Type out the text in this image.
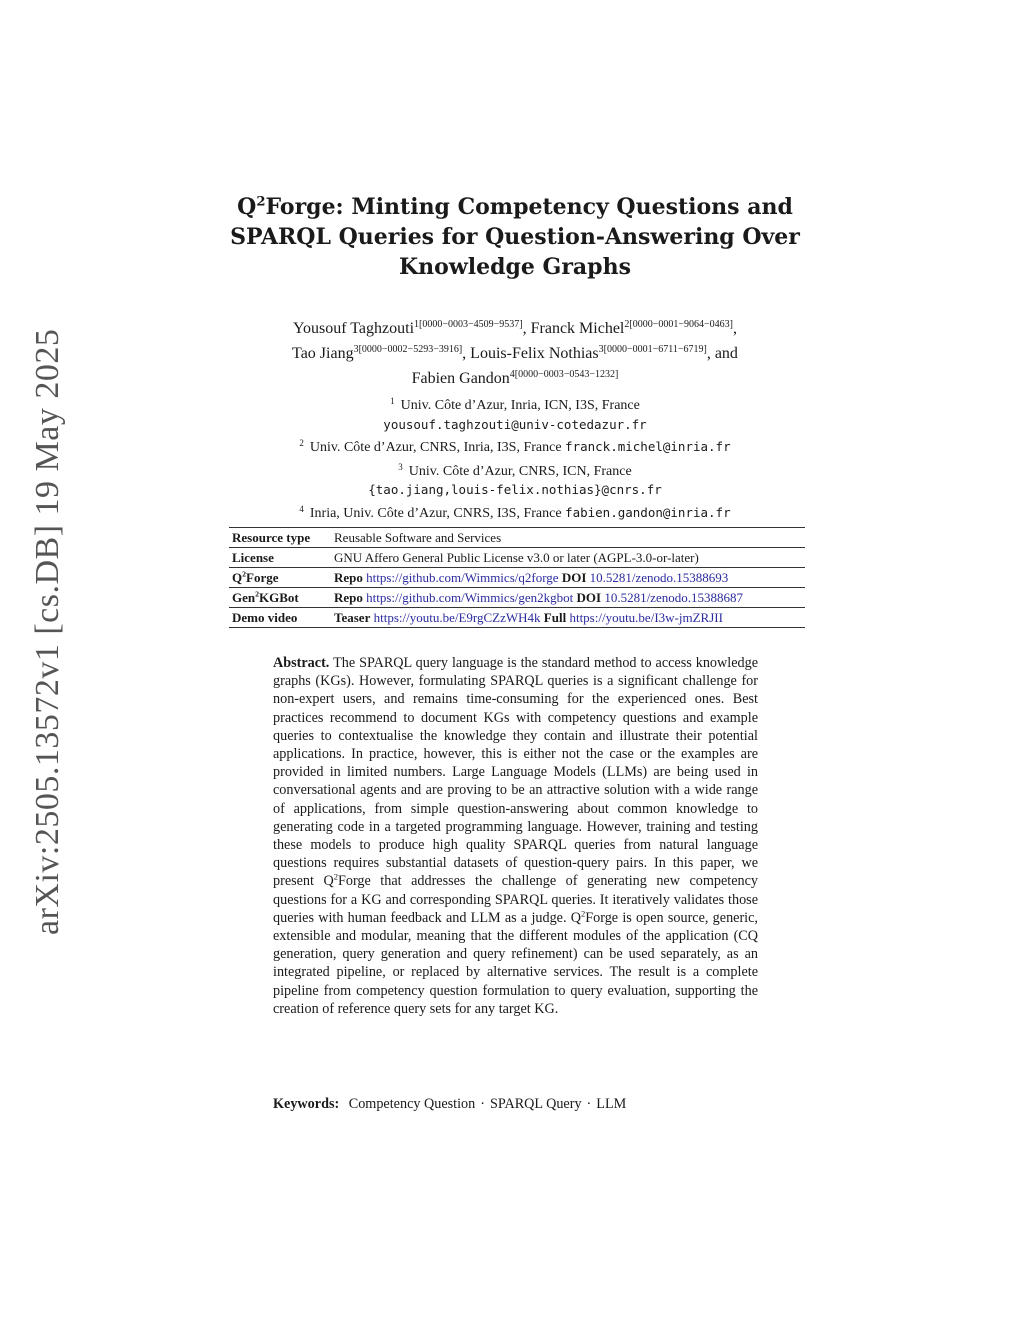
arXiv:2505.13572v1 [cs.DB] 19 May 2025
$Q^2Forge$: Minting Competency Questions and
SPARQL Queries for Question-Answering Over
Knowledge Graphs
Yousouf Taghzouti$^{1[0000-0003-4509-9537]}$, Franck Michel$^{2[0000-0001-9064-0463]}$,
Tao Jiang$^{3[0000-0002-5293-3916]}$, Louis-Felix Nothias$^{3[0000-0001-6711-6719]}$, and
Fabien Gandon$^{4[0000-0003-0543-1232]}$
$^1$ Univ. Côte d’Azur, Inria, ICN, I3S, France
yousouf.taghzouti@univ-cotedazur.fr
$^2$ Univ. Côte d’Azur, CNRS, Inria, I3S, France franck.michel@inria.fr
$^3$ Univ. Côte d’Azur, CNRS, ICN, France
{tao.jiang,louis-felix.nothias}@cnrs.fr
$^4$ Inria, Univ. Côte d’Azur, CNRS, I3S, France fabien.gandon@inria.fr
Resource type	Reusable Software and Services
License	GNU Affero General Public License v3.0 or later (AGPL-3.0-or-later)
$Q^2Forge$	Repo https://github.com/Wimmics/q2forge DOI 10.5281/zenodo.15388693
Gen$^2$KGBot	Repo https://github.com/Wimmics/gen2kgbot DOI 10.5281/zenodo.15388687
Demo video	Teaser https://youtu.be/E9rgCZzWH4k Full https://youtu.be/I3w-jmZRJII
Abstract. The SPARQL query language is the standard method to access knowledge graphs (KGs). However, formulating SPARQL queries is a significant challenge for non-expert users, and remains time-consuming for the experienced ones. Best practices recommend to document KGs with competency questions and example queries to contextualise the knowledge they contain and illustrate their potential applications. In practice, however, this is either not the case or the examples are provided in limited numbers. Large Language Models (LLMs) are being used in conversational agents and are proving to be an attractive solution with a wide range of applications, from simple question-answering about common knowledge to generating code in a targeted programming language. However, training and testing these models to produce high quality SPARQL queries from natural language questions requires substantial datasets of question-query pairs. In this paper, we present $Q^2Forge$ that addresses the challenge of generating new competency questions for a KG and corresponding SPARQL queries. It iteratively validates those queries with human feedback and LLM as a judge. $Q^2Forge$ is open source, generic, extensible and modular, meaning that the different modules of the application (CQ generation, query generation and query refinement) can be used separately, as an integrated pipeline, or replaced by alternative services. The result is a complete pipeline from competency question formulation to query evaluation, supporting the creation of reference query sets for any target KG.
Keywords: Competency Question · SPARQL Query · LLM
